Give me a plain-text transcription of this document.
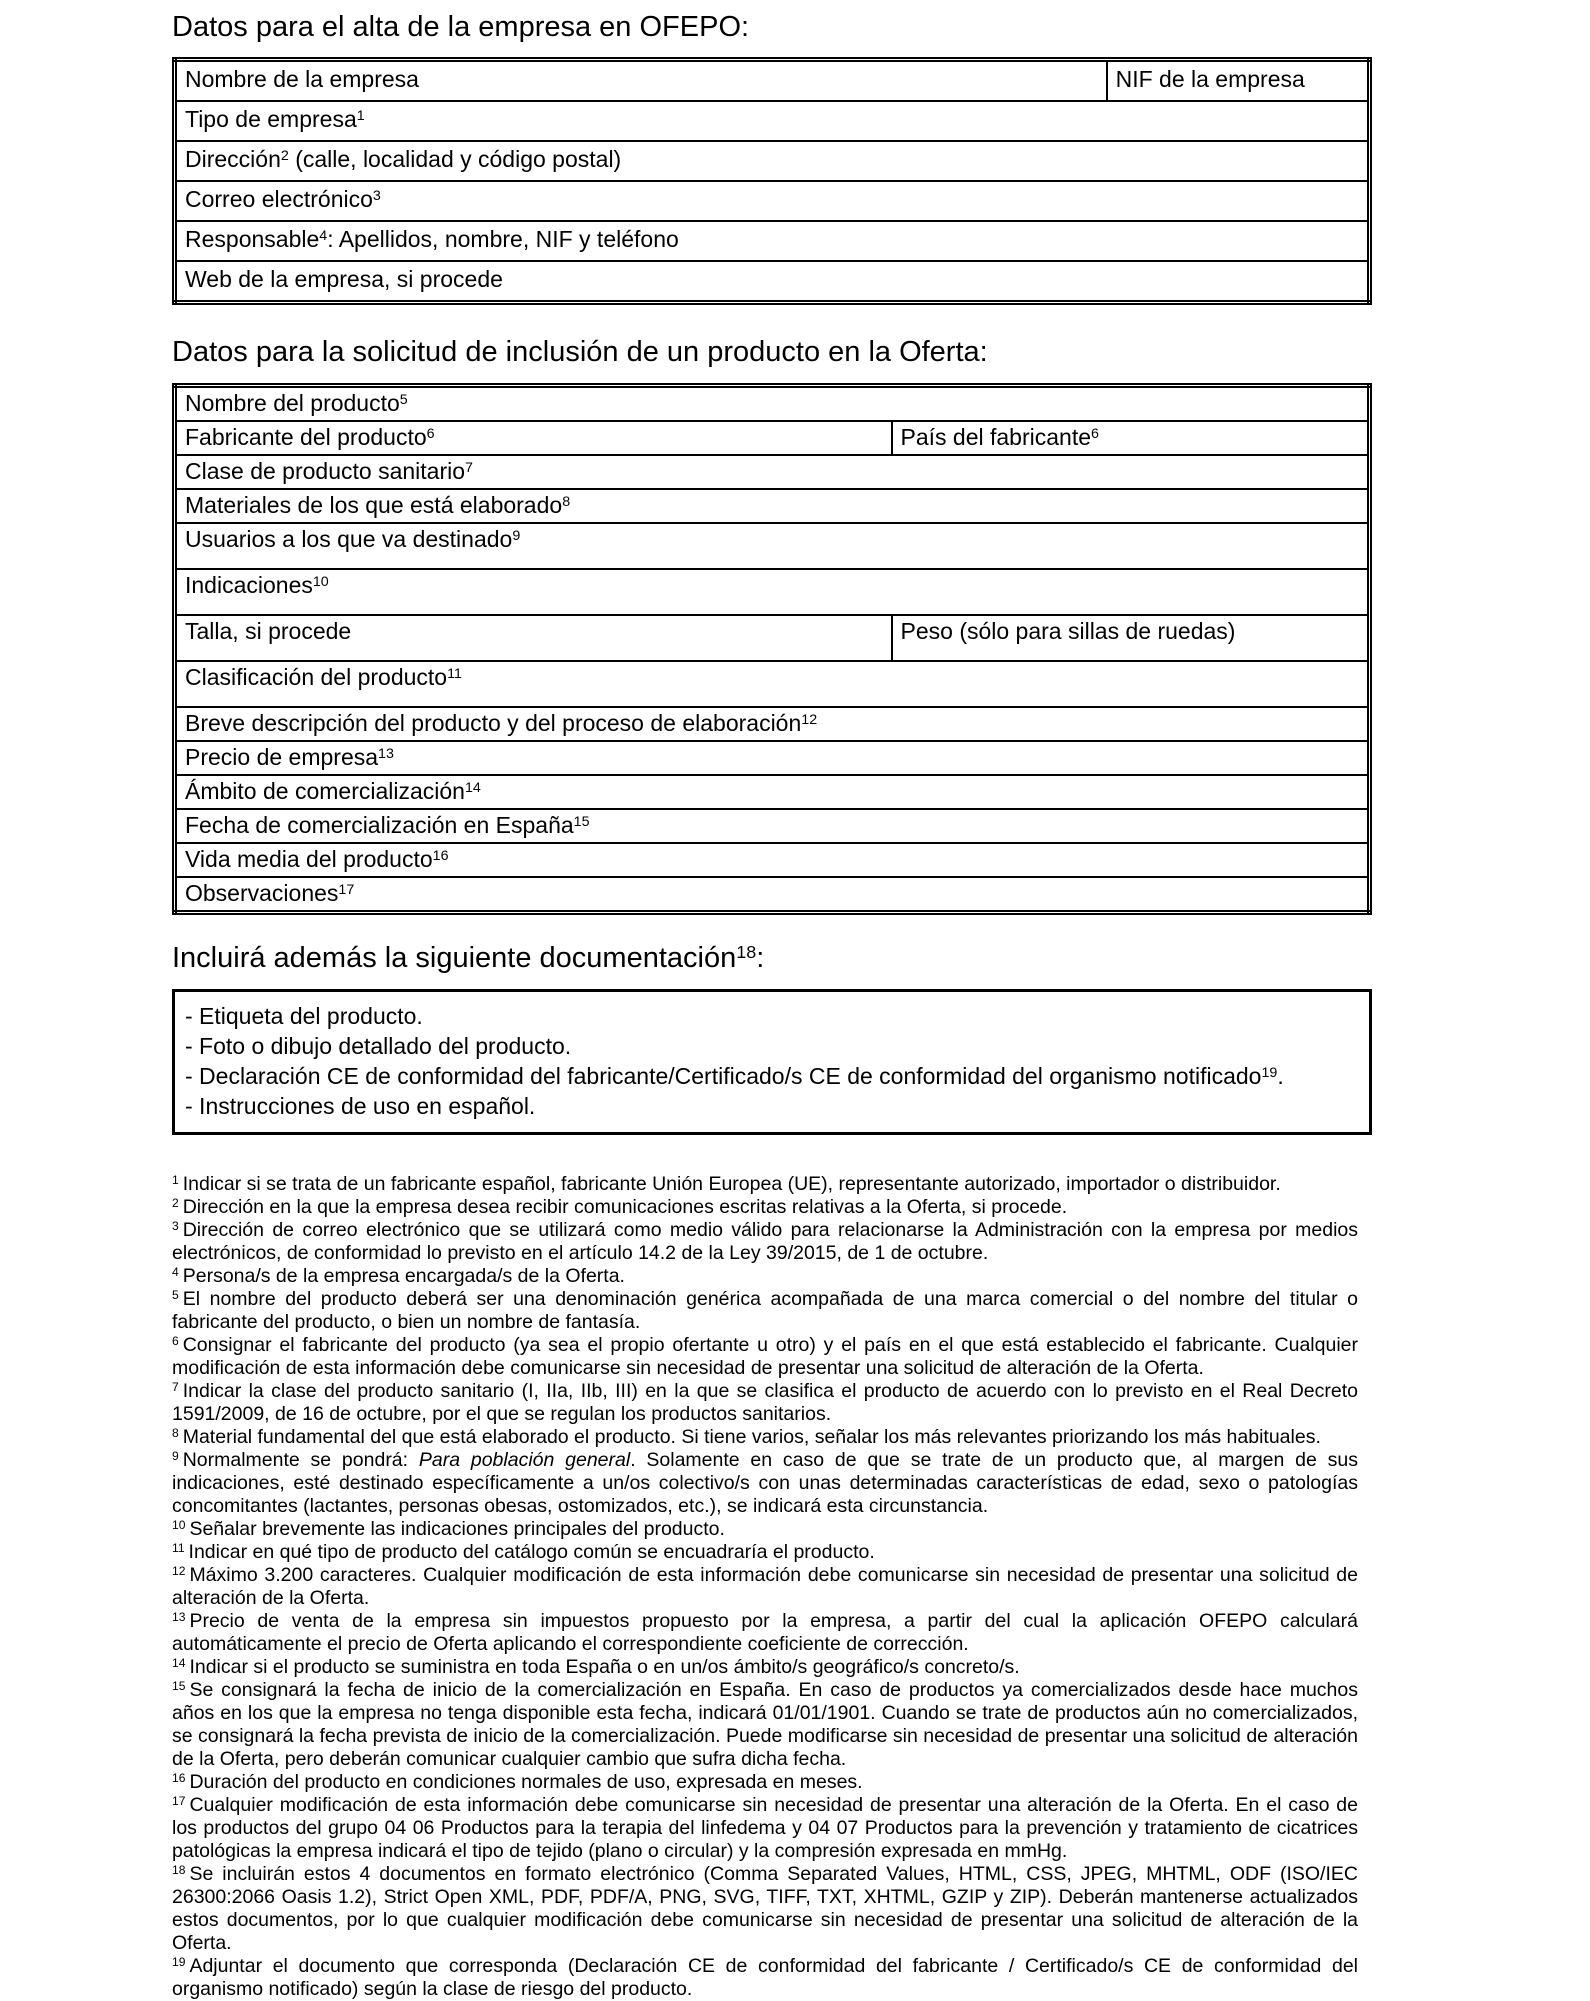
Datos para el alta de la empresa en OFEPO:
Nombre de la empresa	NIF de la empresa
Tipo de empresa$^1$
Dirección$^2$ (calle, localidad y código postal)
Correo electrónico$^3$
Responsable$^4$: Apellidos, nombre, NIF y teléfono
Web de la empresa, si procede
Datos para la solicitud de inclusión de un producto en la Oferta:
Nombre del producto$^5$
Fabricante del producto$^6$	País del fabricante$^6$
Clase de producto sanitario$^7$
Materiales de los que está elaborado$^8$
Usuarios a los que va destinado$^9$
Indicaciones$^{10}$
Talla, si procede	Peso (sólo para sillas de ruedas)
Clasificación del producto$^{11}$
Breve descripción del producto y del proceso de elaboración$^{12}$
Precio de empresa$^{13}$
Ámbito de comercialización$^{14}$
Fecha de comercialización en España$^{15}$
Vida media del producto$^{16}$
Observaciones$^{17}$
Incluirá además la siguiente documentación$^{18}$:
- Etiqueta del producto.
- Foto o dibujo detallado del producto.
- Declaración CE de conformidad del fabricante/Certificado/s CE de conformidad del organismo notificado$^{19}$.
- Instrucciones de uso en español.
$^1$ Indicar si se trata de un fabricante español, fabricante Unión Europea (UE), representante autorizado, importador o distribuidor.
$^2$ Dirección en la que la empresa desea recibir comunicaciones escritas relativas a la Oferta, si procede.
$^3$ Dirección de correo electrónico que se utilizará como medio válido para relacionarse la Administración con la empresa por medios electrónicos, de conformidad lo previsto en el artículo 14.2 de la Ley 39/2015, de 1 de octubre.
$^4$ Persona/s de la empresa encargada/s de la Oferta.
$^5$ El nombre del producto deberá ser una denominación genérica acompañada de una marca comercial o del nombre del titular o fabricante del producto, o bien un nombre de fantasía.
$^6$ Consignar el fabricante del producto (ya sea el propio ofertante u otro) y el país en el que está establecido el fabricante. Cualquier modificación de esta información debe comunicarse sin necesidad de presentar una solicitud de alteración de la Oferta.
$^7$ Indicar la clase del producto sanitario (I, IIa, IIb, III) en la que se clasifica el producto de acuerdo con lo previsto en el Real Decreto 1591/2009, de 16 de octubre, por el que se regulan los productos sanitarios.
$^8$ Material fundamental del que está elaborado el producto. Si tiene varios, señalar los más relevantes priorizando los más habituales.
$^9$ Normalmente se pondrá: Para población general. Solamente en caso de que se trate de un producto que, al margen de sus indicaciones, esté destinado específicamente a un/os colectivo/s con unas determinadas características de edad, sexo o patologías concomitantes (lactantes, personas obesas, ostomizados, etc.), se indicará esta circunstancia.
$^{10}$ Señalar brevemente las indicaciones principales del producto.
$^{11}$ Indicar en qué tipo de producto del catálogo común se encuadraría el producto.
$^{12}$ Máximo 3.200 caracteres. Cualquier modificación de esta información debe comunicarse sin necesidad de presentar una solicitud de alteración de la Oferta.
$^{13}$ Precio de venta de la empresa sin impuestos propuesto por la empresa, a partir del cual la aplicación OFEPO calculará automáticamente el precio de Oferta aplicando el correspondiente coeficiente de corrección.
$^{14}$ Indicar si el producto se suministra en toda España o en un/os ámbito/s geográfico/s concreto/s.
$^{15}$ Se consignará la fecha de inicio de la comercialización en España. En caso de productos ya comercializados desde hace muchos años en los que la empresa no tenga disponible esta fecha, indicará 01/01/1901. Cuando se trate de productos aún no comercializados, se consignará la fecha prevista de inicio de la comercialización. Puede modificarse sin necesidad de presentar una solicitud de alteración de la Oferta, pero deberán comunicar cualquier cambio que sufra dicha fecha.
$^{16}$ Duración del producto en condiciones normales de uso, expresada en meses.
$^{17}$ Cualquier modificación de esta información debe comunicarse sin necesidad de presentar una alteración de la Oferta. En el caso de los productos del grupo 04 06 Productos para la terapia del linfedema y 04 07 Productos para la prevención y tratamiento de cicatrices patológicas la empresa indicará el tipo de tejido (plano o circular) y la compresión expresada en mmHg.
$^{18}$ Se incluirán estos 4 documentos en formato electrónico (Comma Separated Values, HTML, CSS, JPEG, MHTML, ODF (ISO/IEC 26300:2066 Oasis 1.2), Strict Open XML, PDF, PDF/A, PNG, SVG, TIFF, TXT, XHTML, GZIP y ZIP). Deberán mantenerse actualizados estos documentos, por lo que cualquier modificación debe comunicarse sin necesidad de presentar una solicitud de alteración de la Oferta.
$^{19}$ Adjuntar el documento que corresponda (Declaración CE de conformidad del fabricante / Certificado/s CE de conformidad del organismo notificado) según la clase de riesgo del producto.
